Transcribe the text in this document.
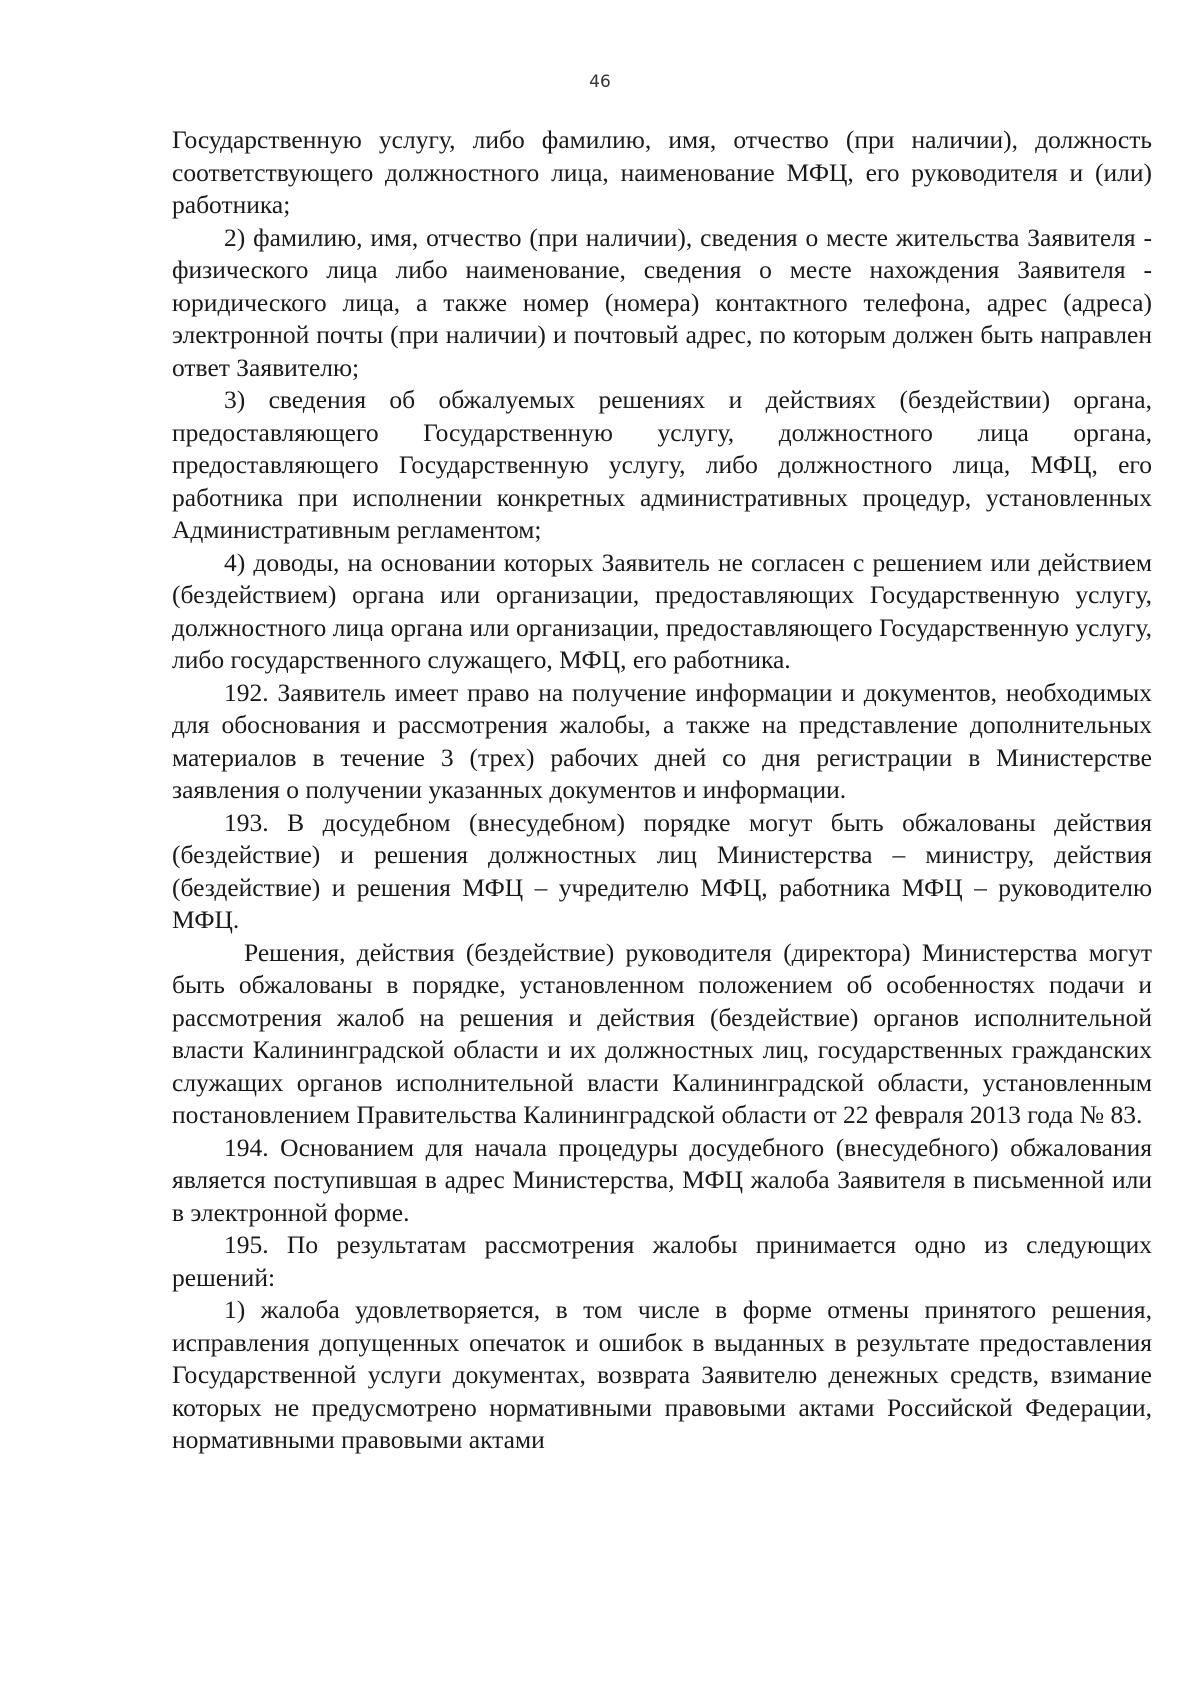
46

Государственную услугу, либо фамилию, имя, отчество (при наличии), должность соответствующего должностного лица, наименование МФЦ, его руководителя и (или) работника;

2) фамилию, имя, отчество (при наличии), сведения о месте жительства Заявителя - физического лица либо наименование, сведения о месте нахождения Заявителя - юридического лица, а также номер (номера) контактного телефона, адрес (адреса) электронной почты (при наличии) и почтовый адрес, по которым должен быть направлен ответ Заявителю;

3) сведения об обжалуемых решениях и действиях (бездействии) органа, предоставляющего Государственную услугу, должностного лица органа, предоставляющего Государственную услугу, либо должностного лица, МФЦ, его работника при исполнении конкретных административных процедур, установленных Административным регламентом;

4) доводы, на основании которых Заявитель не согласен с решением или действием (бездействием) органа или организации, предоставляющих Государственную услугу, должностного лица органа или организации, предоставляющего Государственную услугу, либо государственного служащего, МФЦ, его работника.

192. Заявитель имеет право на получение информации и документов, необходимых для обоснования и рассмотрения жалобы, а также на представление дополнительных материалов в течение 3 (трех) рабочих дней со дня регистрации в Министерстве заявления о получении указанных документов и информации.

193. В досудебном (внесудебном) порядке могут быть обжалованы действия (бездействие) и решения должностных лиц Министерства – министру, действия (бездействие) и решения МФЦ – учредителю МФЦ, работника МФЦ – руководителю МФЦ.

Решения, действия (бездействие) руководителя (директора) Министерства могут быть обжалованы в порядке, установленном положением об особенностях подачи и рассмотрения жалоб на решения и действия (бездействие) органов исполнительной власти Калининградской области и их должностных лиц, государственных гражданских служащих органов исполнительной власти Калининградской области, установленным постановлением Правительства Калининградской области от 22 февраля 2013 года № 83.

194. Основанием для начала процедуры досудебного (внесудебного) обжалования является поступившая в адрес Министерства, МФЦ жалоба Заявителя в письменной или в электронной форме.

195. По результатам рассмотрения жалобы принимается одно из следующих решений:

1) жалоба удовлетворяется, в том числе в форме отмены принятого решения, исправления допущенных опечаток и ошибок в выданных в результате предоставления Государственной услуги документах, возврата Заявителю денежных средств, взимание которых не предусмотрено нормативными правовыми актами Российской Федерации, нормативными правовыми актами
